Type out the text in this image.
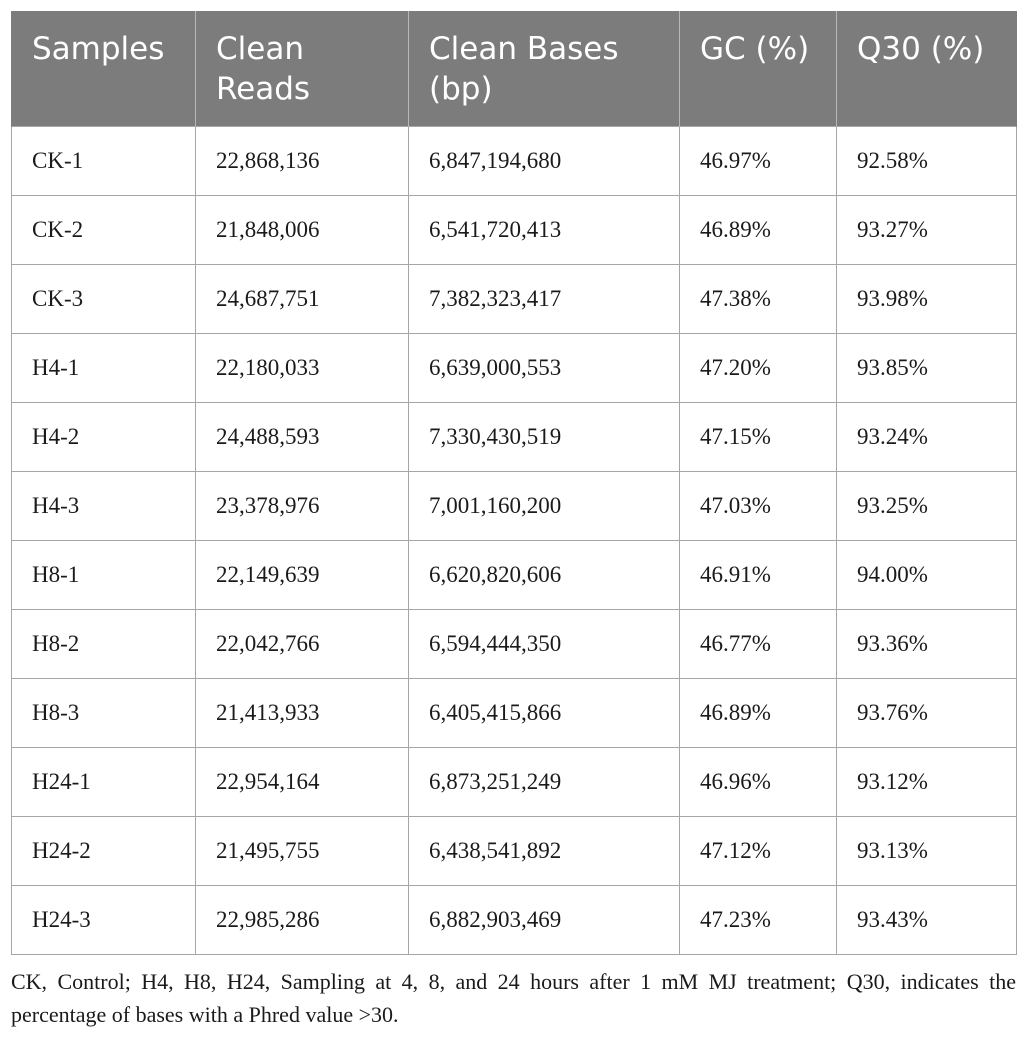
Samples	Clean Reads	Clean Bases (bp)	GC (%)	Q30 (%)
CK-1	22,868,136	6,847,194,680	46.97%	92.58%
CK-2	21,848,006	6,541,720,413	46.89%	93.27%
CK-3	24,687,751	7,382,323,417	47.38%	93.98%
H4-1	22,180,033	6,639,000,553	47.20%	93.85%
H4-2	24,488,593	7,330,430,519	47.15%	93.24%
H4-3	23,378,976	7,001,160,200	47.03%	93.25%
H8-1	22,149,639	6,620,820,606	46.91%	94.00%
H8-2	22,042,766	6,594,444,350	46.77%	93.36%
H8-3	21,413,933	6,405,415,866	46.89%	93.76%
H24-1	22,954,164	6,873,251,249	46.96%	93.12%
H24-2	21,495,755	6,438,541,892	47.12%	93.13%
H24-3	22,985,286	6,882,903,469	47.23%	93.43%
CK, Control; H4, H8, H24, Sampling at 4, 8, and 24 hours after 1 mM MJ treatment; Q30, indicates the percentage of bases with a Phred value >30.
